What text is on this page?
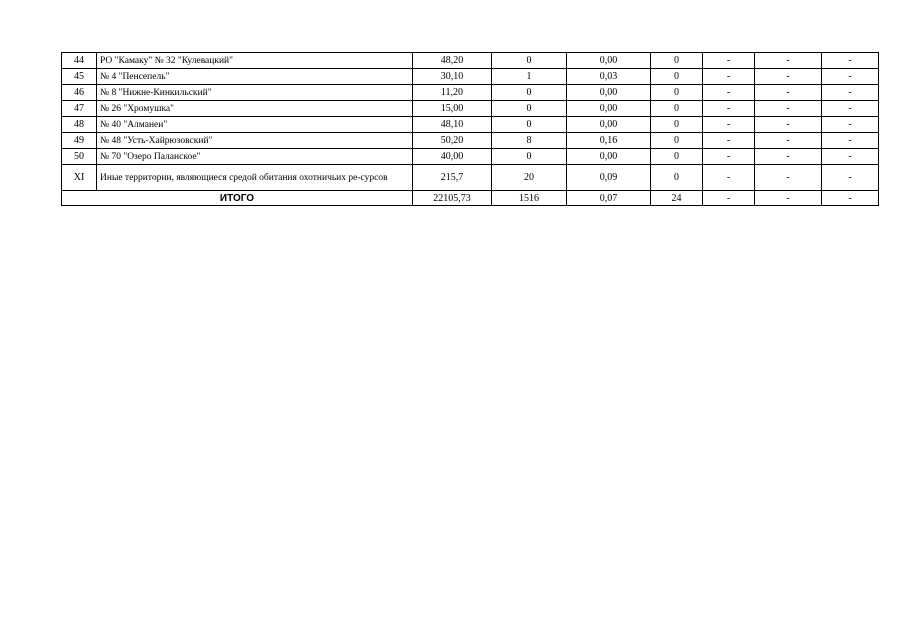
44	РО "Камаку" № 32 "Кулевацкий"	48,20	0	0,00	0	-	-	-
45	№ 4 "Пенсепель"	30,10	1	0,03	0	-	-	-
46	№ 8 "Нижне-Кинкильский"	11,20	0	0,00	0	-	-	-
47	№ 26 "Хромушка"	15,00	0	0,00	0	-	-	-
48	№ 40 "Алманеи"	48,10	0	0,00	0	-	-	-
49	№ 48 "Усть-Хайрюзовский"	50,20	8	0,16	0	-	-	-
50	№ 70 "Озеро Паланское"	40,00	0	0,00	0	-	-	-
XI	Иные территории, являющиеся средой обитания охотничьих ре-сурсов	215,7	20	0,09	0	-	-	-
ИТОГО		22105,73	1516	0,07	24	-	-	-
